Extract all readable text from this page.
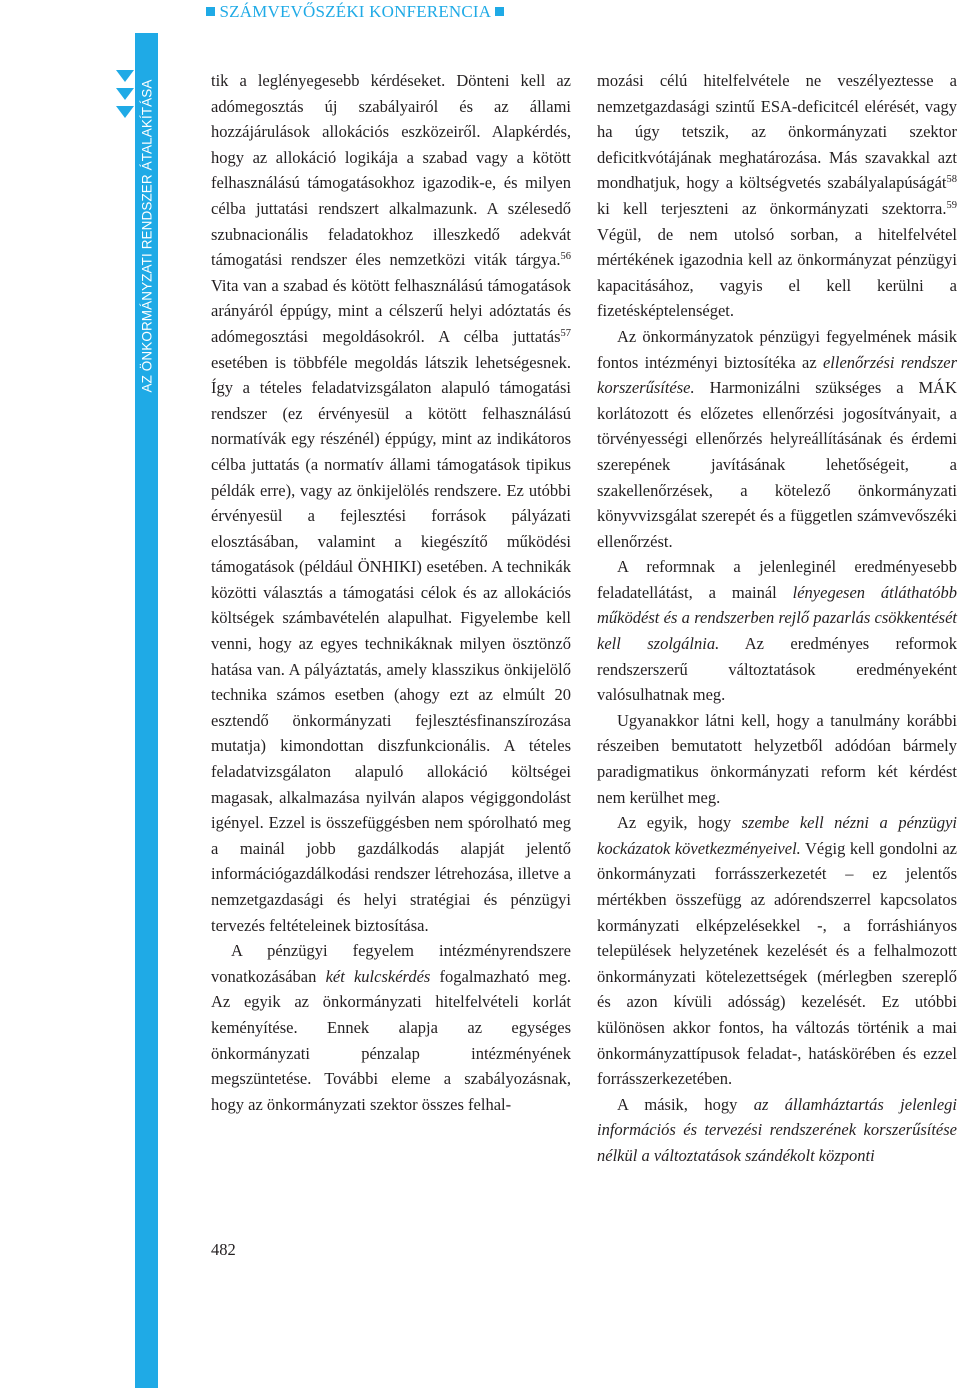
SZÁMVEVŐSZÉKI KONFERENCIA
AZ ÖNKORMÁNYZATI RENDSZER ÁTALAKÍTÁSA	tik a leglényegesebb kérdéseket. Dönteni kell az adómegosztás új szabályairól és az állami hozzájárulások allokációs eszközeiről. Alapkérdés, hogy az allokáció logikája a szabad vagy a kötött felhasználású támogatásokhoz igazodik-e, és milyen célba juttatási rendszert alkalmazunk. A szélesedő szubnacionális feladatokhoz illeszkedő adekvát támogatási rendszer éles nemzetközi viták tárgya.$^{56}$ Vita van a szabad és kötött felhasználású támogatások arányáról éppúgy, mint a célszerű helyi adóztatás és adómegosztási megoldásokról. A célba juttatás$^{57}$ esetében is többféle megoldás látszik lehetségesnek. Így a tételes feladatvizsgálaton alapuló támogatási rendszer (ez érvényesül a kötött felhasználású normatívák egy részénél) éppúgy, mint az indikátoros célba juttatás (a normatív állami támogatások tipikus példák erre), vagy az önkijelölés rendszere. Ez utóbbi érvényesül a fejlesztési források pályázati elosztásában, valamint a kiegészítő működési támogatások (például ÖNHIKI) esetében. A technikák közötti választás a támogatási célok és az allokációs költségek számbavételén alapulhat. Figyelembe kell venni, hogy az egyes technikáknak milyen ösztönző hatása van. A pályáztatás, amely klasszikus önkijelölő technika számos esetben (ahogy ezt az elmúlt 20 esztendő önkormányzati fejlesztésfinanszírozása mutatja) kimondottan diszfunkcionális. A tételes feladatvizsgálaton alapuló allokáció költségei magasak, alkalmazása nyilván alapos végiggondolást igényel. Ezzel is összefüggésben nem spórolható meg a mainál jobb gazdálkodás alapját jelentő információgazdálkodási rendszer létrehozása, illetve a nemzetgazdasági és helyi stratégiai és pénzügyi tervezés feltételeinek biztosítása.

A pénzügyi fegyelem intézményrendszere vonatkozásában két kulcskérdés fogalmazható meg. Az egyik az önkormányzati hitelfelvételi korlát keményítése. Ennek alapja az egységes önkormányzati pénzalap intézményének megszüntetése. További eleme a szabályozásnak, hogy az önkormányzati szektor összes felhal-

mozási célú hitelfelvétele ne veszélyeztesse a nemzetgazdasági szintű ESA-deficitcél elérését, vagy ha úgy tetszik, az önkormányzati szektor deficitkvótájának meghatározása. Más szavakkal azt mondhatjuk, hogy a költségvetés szabályalapúságát$^{58}$ ki kell terjeszteni az önkormányzati szektorra.$^{59}$ Végül, de nem utolsó sorban, a hitelfelvétel mértékének igazodnia kell az önkormányzat pénzügyi kapacitásához, vagyis el kell kerülni a fizetésképtelenséget.

Az önkormányzatok pénzügyi fegyelmének másik fontos intézményi biztosítéka az ellenőrzési rendszer korszerűsítése. Harmonizálni szükséges a MÁK korlátozott és előzetes ellenőrzési jogosítványait, a törvényességi ellenőrzés helyreállításának és érdemi szerepének javításának lehetőségeit, a szakellenőrzések, a kötelező önkormányzati könyvvizsgálat szerepét és a független számvevőszéki ellenőrzést.

A reformnak a jelenleginél eredményesebb feladatellátást, a mainál lényegesen átláthatóbb működést és a rendszerben rejlő pazarlás csökkentését kell szolgálnia. Az eredményes reformok rendszerszerű változtatások eredményeként valósulhatnak meg.

Ugyanakkor látni kell, hogy a tanulmány korábbi részeiben bemutatott helyzetből adódóan bármely paradigmatikus önkormányzati reform két kérdést nem kerülhet meg.

Az egyik, hogy szembe kell nézni a pénzügyi kockázatok következményeivel. Végig kell gondolni az önkormányzati forrásszerkezetét – ez jelentős mértékben összefügg az adórendszerrel kapcsolatos kormányzati elképzelésekkel -, a forráshiányos települések helyzetének kezelését és a felhalmozott önkormányzati kötelezettségek (mérlegben szereplő és azon kívüli adósság) kezelését. Ez utóbbi különösen akkor fontos, ha változás történik a mai önkormányzattípusok feladat-, hatáskörében és ezzel forrásszerkezetében.

A másik, hogy az államháztartás jelenlegi információs és tervezési rendszerének korszerűsítése nélkül a változtatások szándékolt központi

482
